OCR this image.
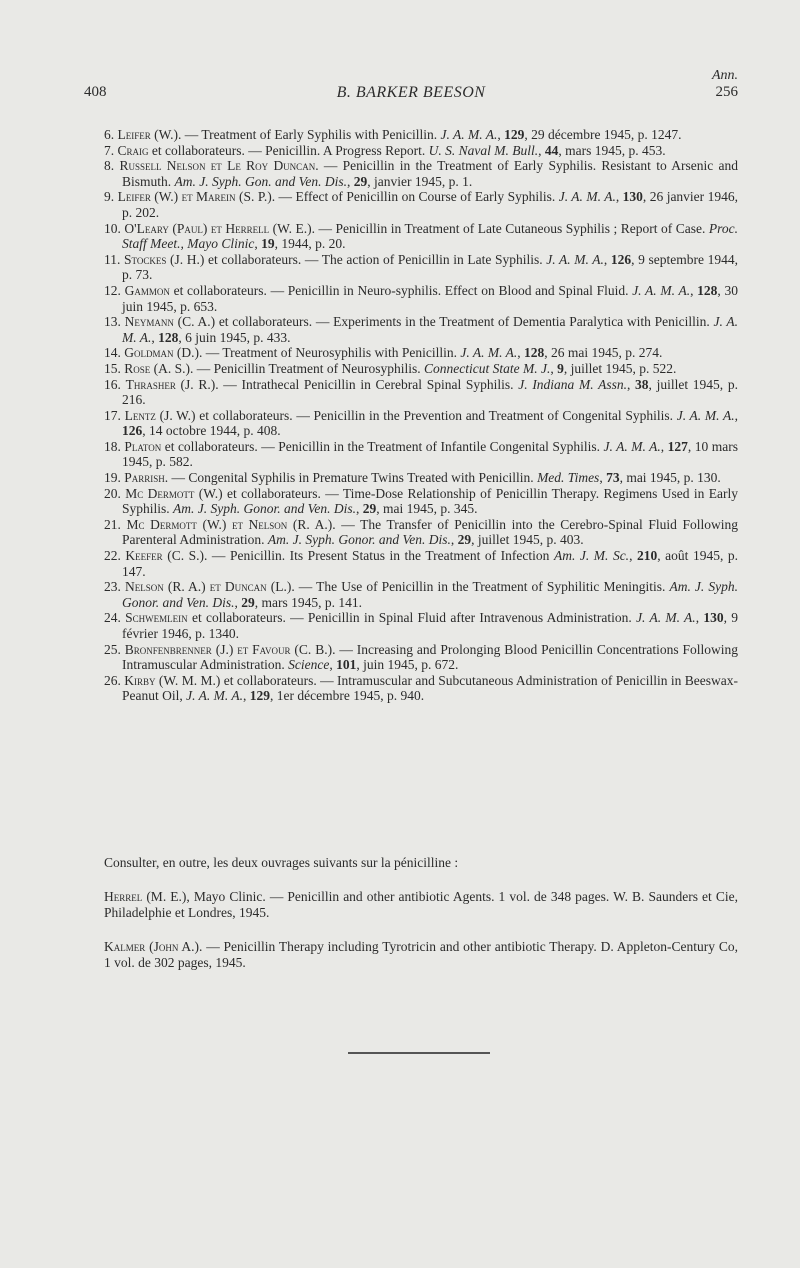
Ann.
408	B. BARKER BEESON	256
6. Leifer (W.). — Treatment of Early Syphilis with Penicillin. J. A. M. A., 129, 29 décembre 1945, p. 1247.
7. Craig et collaborateurs. — Penicillin. A Progress Report. U. S. Naval M. Bull., 44, mars 1945, p. 453.
8. Russell Nelson et Le Roy Duncan. — Penicillin in the Treatment of Early Syphilis. Resistant to Arsenic and Bismuth. Am. J. Syph. Gon. and Ven. Dis., 29, janvier 1945, p. 1.
9. Leifer (W.) et Marein (S. P.). — Effect of Penicillin on Course of Early Syphilis. J. A. M. A., 130, 26 janvier 1946, p. 202.
10. O'Leary (Paul) et Herrell (W. E.). — Penicillin in Treatment of Late Cutaneous Syphilis ; Report of Case. Proc. Staff Meet., Mayo Clinic, 19, 1944, p. 20.
11. Stockes (J. H.) et collaborateurs. — The action of Penicillin in Late Syphilis. J. A. M. A., 126, 9 septembre 1944, p. 73.
12. Gammon et collaborateurs. — Penicillin in Neuro-syphilis. Effect on Blood and Spinal Fluid. J. A. M. A., 128, 30 juin 1945, p. 653.
13. Neymann (C. A.) et collaborateurs. — Experiments in the Treatment of Dementia Paralytica with Penicillin. J. A. M. A., 128, 6 juin 1945, p. 433.
14. Goldman (D.). — Treatment of Neurosyphilis with Penicillin. J. A. M. A., 128, 26 mai 1945, p. 274.
15. Rose (A. S.). — Penicillin Treatment of Neurosyphilis. Connecticut State M. J., 9, juillet 1945, p. 522.
16. Thrasher (J. R.). — Intrathecal Penicillin in Cerebral Spinal Syphilis. J. Indiana M. Assn., 38, juillet 1945, p. 216.
17. Lentz (J. W.) et collaborateurs. — Penicillin in the Prevention and Treatment of Congenital Syphilis. J. A. M. A., 126, 14 octobre 1944, p. 408.
18. Platon et collaborateurs. — Penicillin in the Treatment of Infantile Congenital Syphilis. J. A. M. A., 127, 10 mars 1945, p. 582.
19. Parrish. — Congenital Syphilis in Premature Twins Treated with Penicillin. Med. Times, 73, mai 1945, p. 130.
20. Mc Dermott (W.) et collaborateurs. — Time-Dose Relationship of Penicillin Therapy. Regimens Used in Early Syphilis. Am. J. Syph. Gonor. and Ven. Dis., 29, mai 1945, p. 345.
21. Mc Dermott (W.) et Nelson (R. A.). — The Transfer of Penicillin into the Cerebro-Spinal Fluid Following Parenteral Administration. Am. J. Syph. Gonor. and Ven. Dis., 29, juillet 1945, p. 403.
22. Keefer (C. S.). — Penicillin. Its Present Status in the Treatment of Infection Am. J. M. Sc., 210, août 1945, p. 147.
23. Nelson (R. A.) et Duncan (L.). — The Use of Penicillin in the Treatment of Syphilitic Meningitis. Am. J. Syph. Gonor. and Ven. Dis., 29, mars 1945, p. 141.
24. Schwemlein et collaborateurs. — Penicillin in Spinal Fluid after Intravenous Administration. J. A. M. A., 130, 9 février 1946, p. 1340.
25. Bronfenbrenner (J.) et Favour (C. B.). — Increasing and Prolonging Blood Penicillin Concentrations Following Intramuscular Administration. Science, 101, juin 1945, p. 672.
26. Kirby (W. M. M.) et collaborateurs. — Intramuscular and Subcutaneous Administration of Penicillin in Beeswax-Peanut Oil, J. A. M. A., 129, 1er décembre 1945, p. 940.
Consulter, en outre, les deux ouvrages suivants sur la pénicilline :
Herrel (M. E.), Mayo Clinic. — Penicillin and other antibiotic Agents. 1 vol. de 348 pages. W. B. Saunders et Cie, Philadelphie et Londres, 1945.
Kalmer (John A.). — Penicillin Therapy including Tyrotricin and other antibiotic Therapy. D. Appleton-Century Co, 1 vol. de 302 pages, 1945.
